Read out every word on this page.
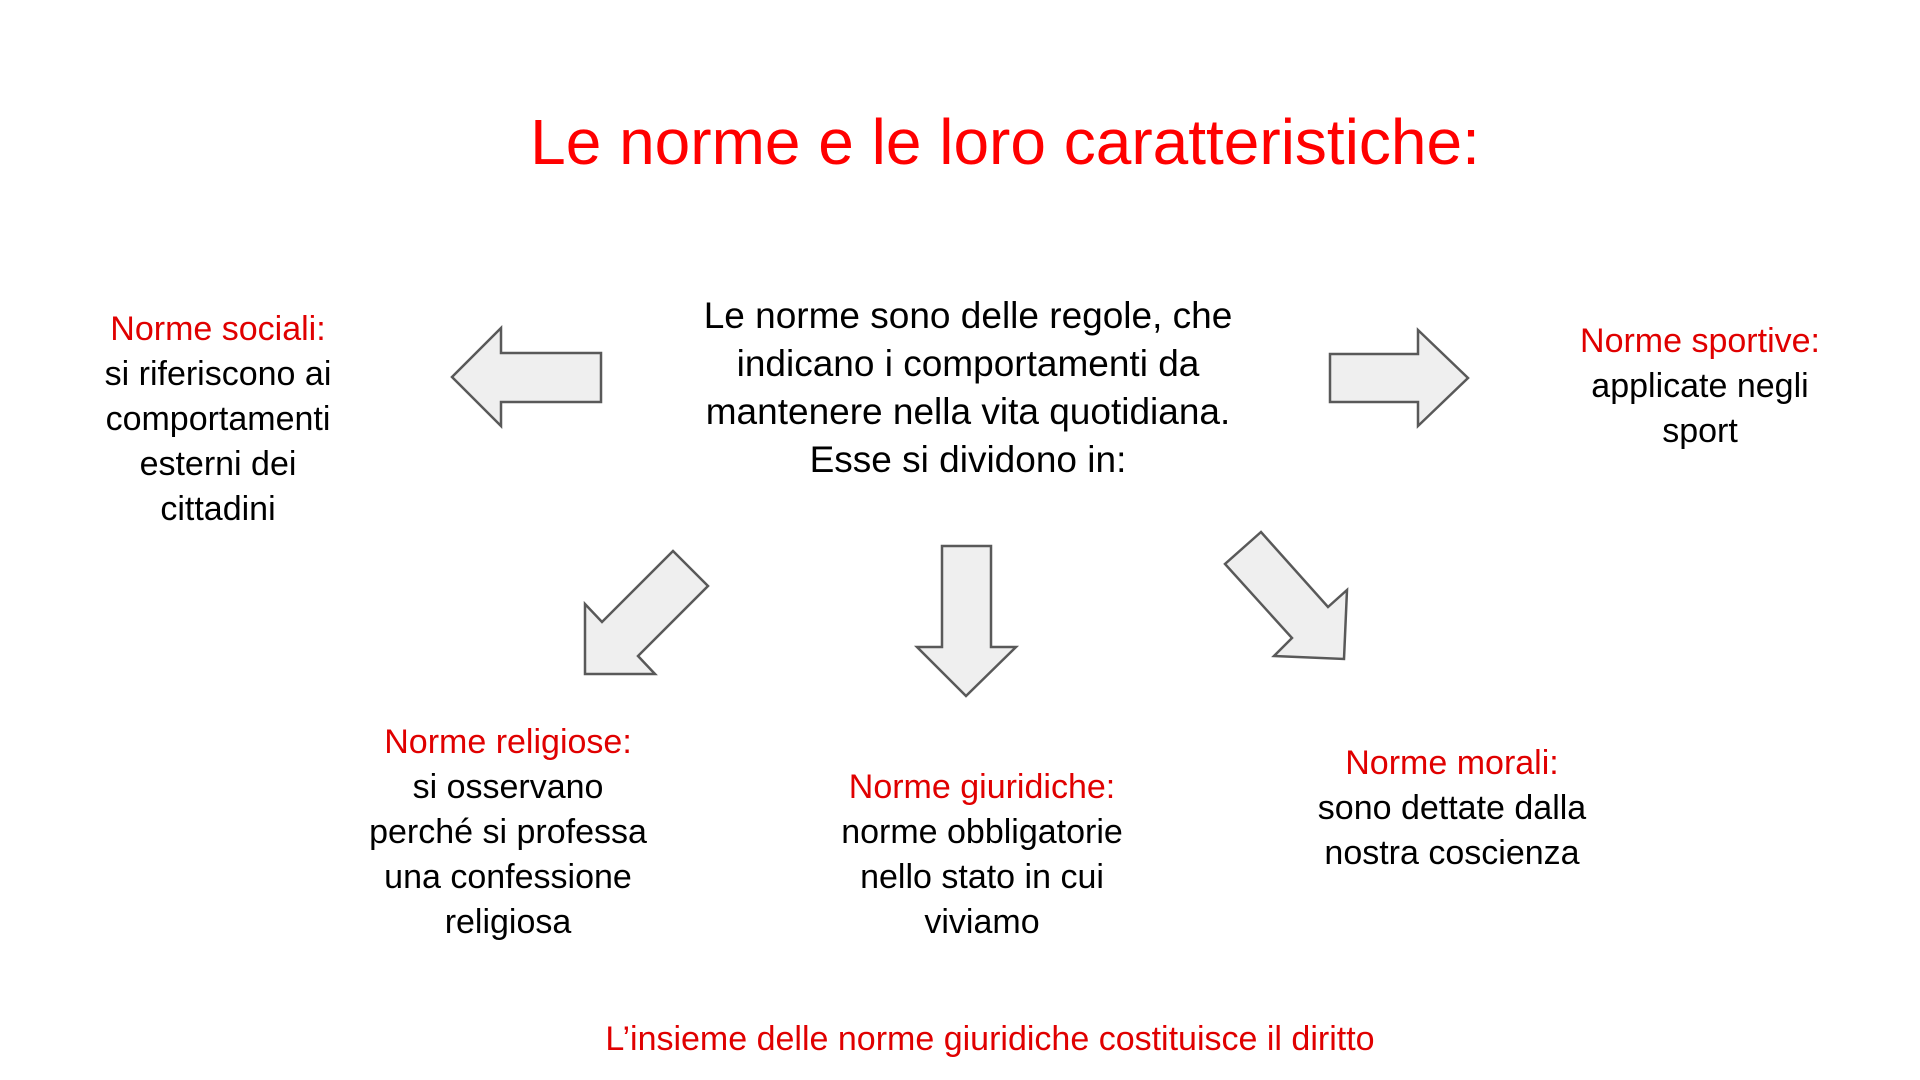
Le norme e le loro caratteristiche:
Le norme sono delle regole, che
indicano i comportamenti da
mantenere nella vita quotidiana.
Esse si dividono in:
Norme sociali:
si riferiscono ai
comportamenti
esterni dei
cittadini
Norme sportive:
applicate negli
sport
Norme religiose:
si osservano
perché si professa
una confessione
religiosa
Norme giuridiche:
norme obbligatorie
nello stato in cui
viviamo
Norme morali:
sono dettate dalla
nostra coscienza
L’insieme delle norme giuridiche costituisce il diritto
